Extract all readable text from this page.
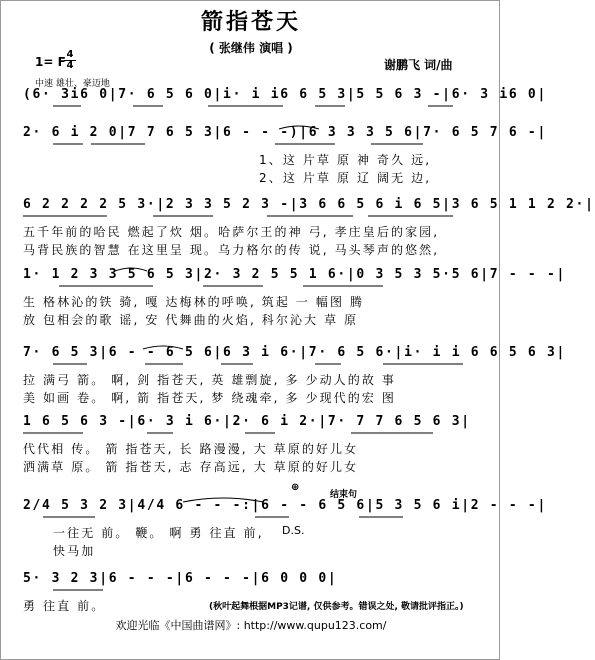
箭指苍天
( 张继伟 演唱 )
1= F
4
4
中速 雄壮、豪迈地
谢鹏飞 词/曲
(6· 3i6 0|7· 6 5 6 0|i· i i6 6 5 3|5 5 6 3 -|6· 3 i6 0|
2· 6 i 2 0|7 7 6 5 3|6 - - -)|6 3 3 3 5 6|7· 6 5 7 6 -|
1、这 片草 原 神 奇久 远,
2、这 片草 原 辽 阔无 边,
6 2 2 2 2 5 3·|2 3 3 5 2 3 -|3 6 6 5 6 i 6 5|3 6 5 1 1 2 2·|
五千年前的哈民 燃起了炊 烟。哈萨尔王的神 弓, 孝庄皇后的家园,
马背民族的智慧 在这里呈 现。乌力格尔的传 说, 马头琴声的悠然,
1· 1 2 3 3 5 6 5 3|2· 3 2 5 5 1 6·|0 3 5 3 5·5 6|7 - - -|
生 格林沁的铁 骑, 嘎 达梅林的呼唤, 筑起 一 幅图 腾
放 包相会的歌 谣, 安 代舞曲的火焰, 科尔沁大 草 原
7· 6 5 3|6 - - 6 5 6|6 3 i 6·|7· 6 5 6·|i· i i 6 6 5 6 3|
拉 满弓 箭。 啊, 剑 指苍天, 英 雄剽旋, 多 少动人的故 事
美 如画 卷。 啊, 箭 指苍天, 梦 绕魂牵, 多 少现代的宏 图
1 6 5 6 3 -|6· 3 i 6·|2· 6 i 2·|7· 7 7 6 5 6 3|
代代相 传。 箭 指苍天, 长 路漫漫, 大 草原的好儿女
洒满草 原。 箭 指苍天, 志 存高远, 大 草原的好儿女
⊕
结束句
2/4 5 3 2 3|4/4 6 - - -:|6 - - 6 5 6|5 3 5 6 i|2 - - -|
一往无 前。 鞭。 啊 勇 往直 前,
快马加
D.S.
5· 3 2 3|6 - - -|6 - - -|6 0 0 0|
勇 往直 前。	(秋叶起舞根据MP3记谱, 仅供参考。错误之处, 敬请批评指正。)
欢迎光临《中国曲谱网》: http://www.qupu123.com/
